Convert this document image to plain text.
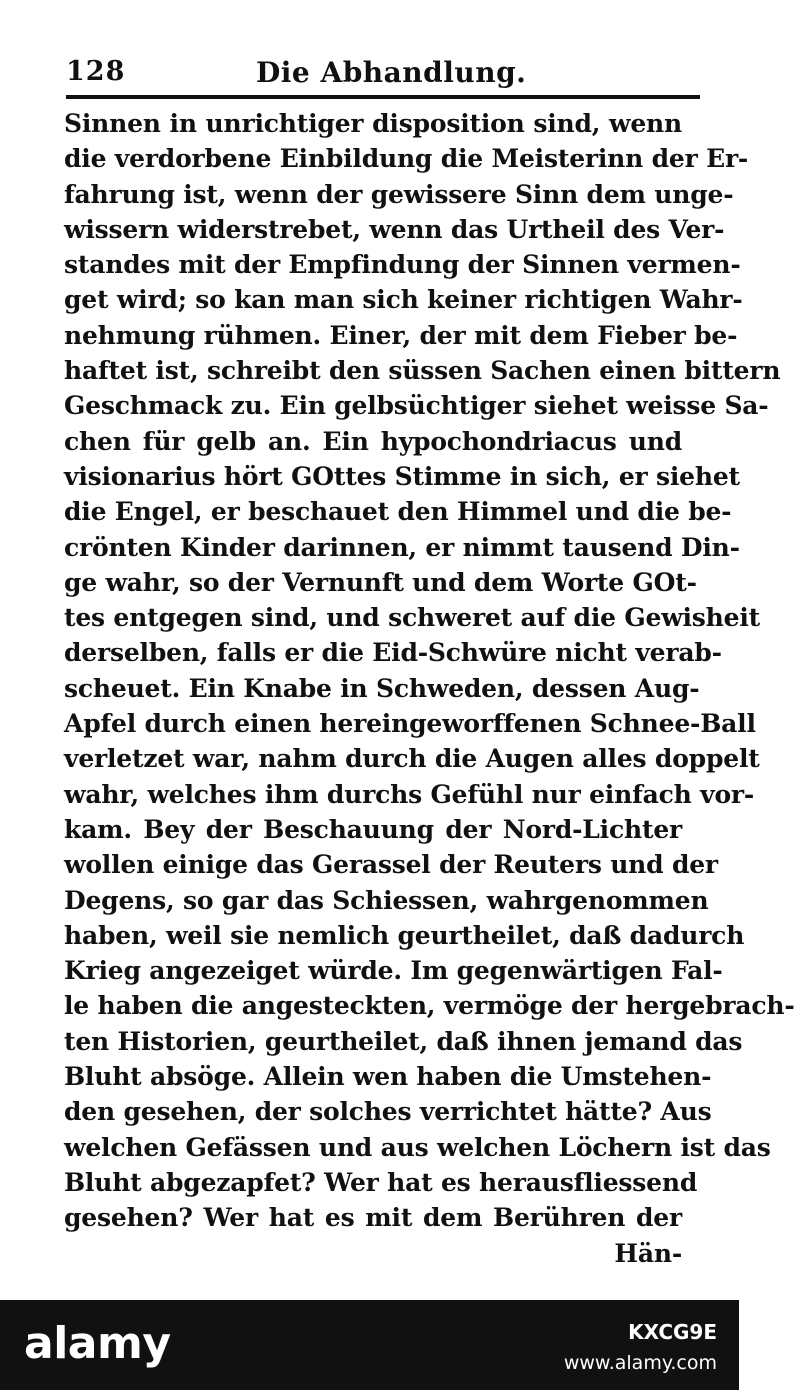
128	Die Abhandlung.
Sinnen in unrichtiger disposition sind, wenn
die verdorbene Einbildung die Meisterinn der Er-
fahrung ist, wenn der gewissere Sinn dem unge-
wissern widerstrebet, wenn das Urtheil des Ver-
standes mit der Empfindung der Sinnen vermen-
get wird; so kan man sich keiner richtigen Wahr-
nehmung rühmen. Einer, der mit dem Fieber be-
haftet ist, schreibt den süssen Sachen einen bittern
Geschmack zu. Ein gelbsüchtiger siehet weisse Sa-
chen für gelb an. Ein hypochondriacus und
visionarius hört GOttes Stimme in sich, er siehet
die Engel, er beschauet den Himmel und die be-
crönten Kinder darinnen, er nimmt tausend Din-
ge wahr, so der Vernunft und dem Worte GOt-
tes entgegen sind, und schweret auf die Gewisheit
derselben, falls er die Eid-Schwüre nicht verab-
scheuet. Ein Knabe in Schweden, dessen Aug-
Apfel durch einen hereingeworffenen Schnee-Ball
verletzet war, nahm durch die Augen alles doppelt
wahr, welches ihm durchs Gefühl nur einfach vor-
kam. Bey der Beschauung der Nord-Lichter
wollen einige das Gerassel der Reuters und der
Degens, so gar das Schiessen, wahrgenommen
haben, weil sie nemlich geurtheilet, daß dadurch
Krieg angezeiget würde. Im gegenwärtigen Fal-
le haben die angesteckten, vermöge der hergebrach-
ten Historien, geurtheilet, daß ihnen jemand das
Bluht absöge. Allein wen haben die Umstehen-
den gesehen, der solches verrichtet hätte? Aus
welchen Gefässen und aus welchen Löchern ist das
Bluht abgezapfet? Wer hat es herausfliessend
gesehen? Wer hat es mit dem Berühren der
Hän-
alamy	KXCG9E
www.alamy.com
